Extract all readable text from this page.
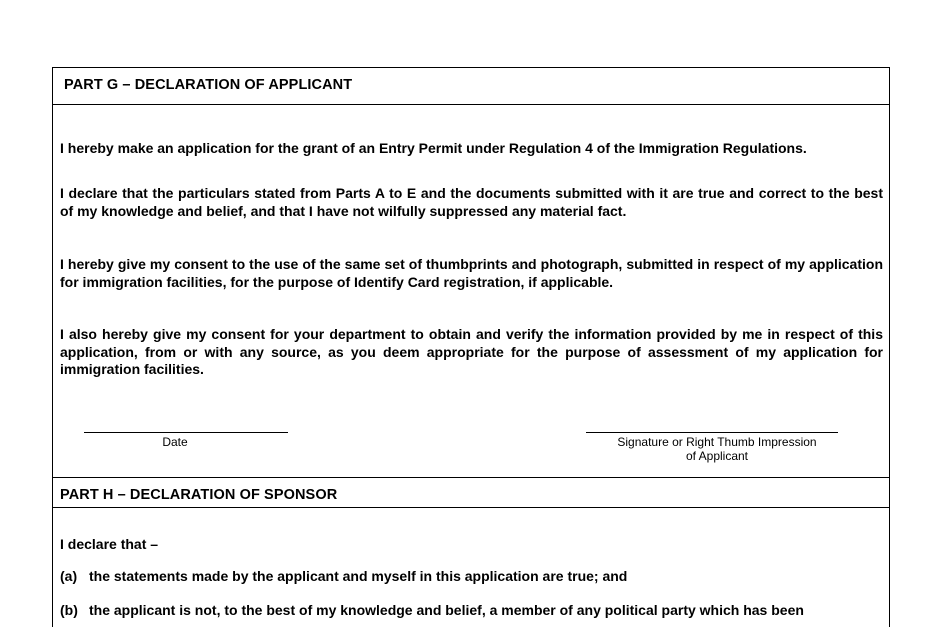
PART G – DECLARATION OF APPLICANT
I hereby make an application for the grant of an Entry Permit under Regulation 4 of the Immigration Regulations.
I declare that the particulars stated from Parts A to E and the documents submitted with it are true and correct to the best of my knowledge and belief, and that I have not wilfully suppressed any material fact.
I hereby give my consent to the use of the same set of thumbprints and photograph, submitted in respect of my application for immigration facilities, for the purpose of Identify Card registration, if applicable.
I also hereby give my consent for your department to obtain and verify the information provided by me in respect of this application, from or with any source, as you deem appropriate for the purpose of assessment of my application for immigration facilities.
Date	Signature or Right Thumb Impression
of Applicant
PART H – DECLARATION OF SPONSOR
I declare that –
(a) the statements made by the applicant and myself in this application are true; and
(b) the applicant is not, to the best of my knowledge and belief, a member of any political party which has been
